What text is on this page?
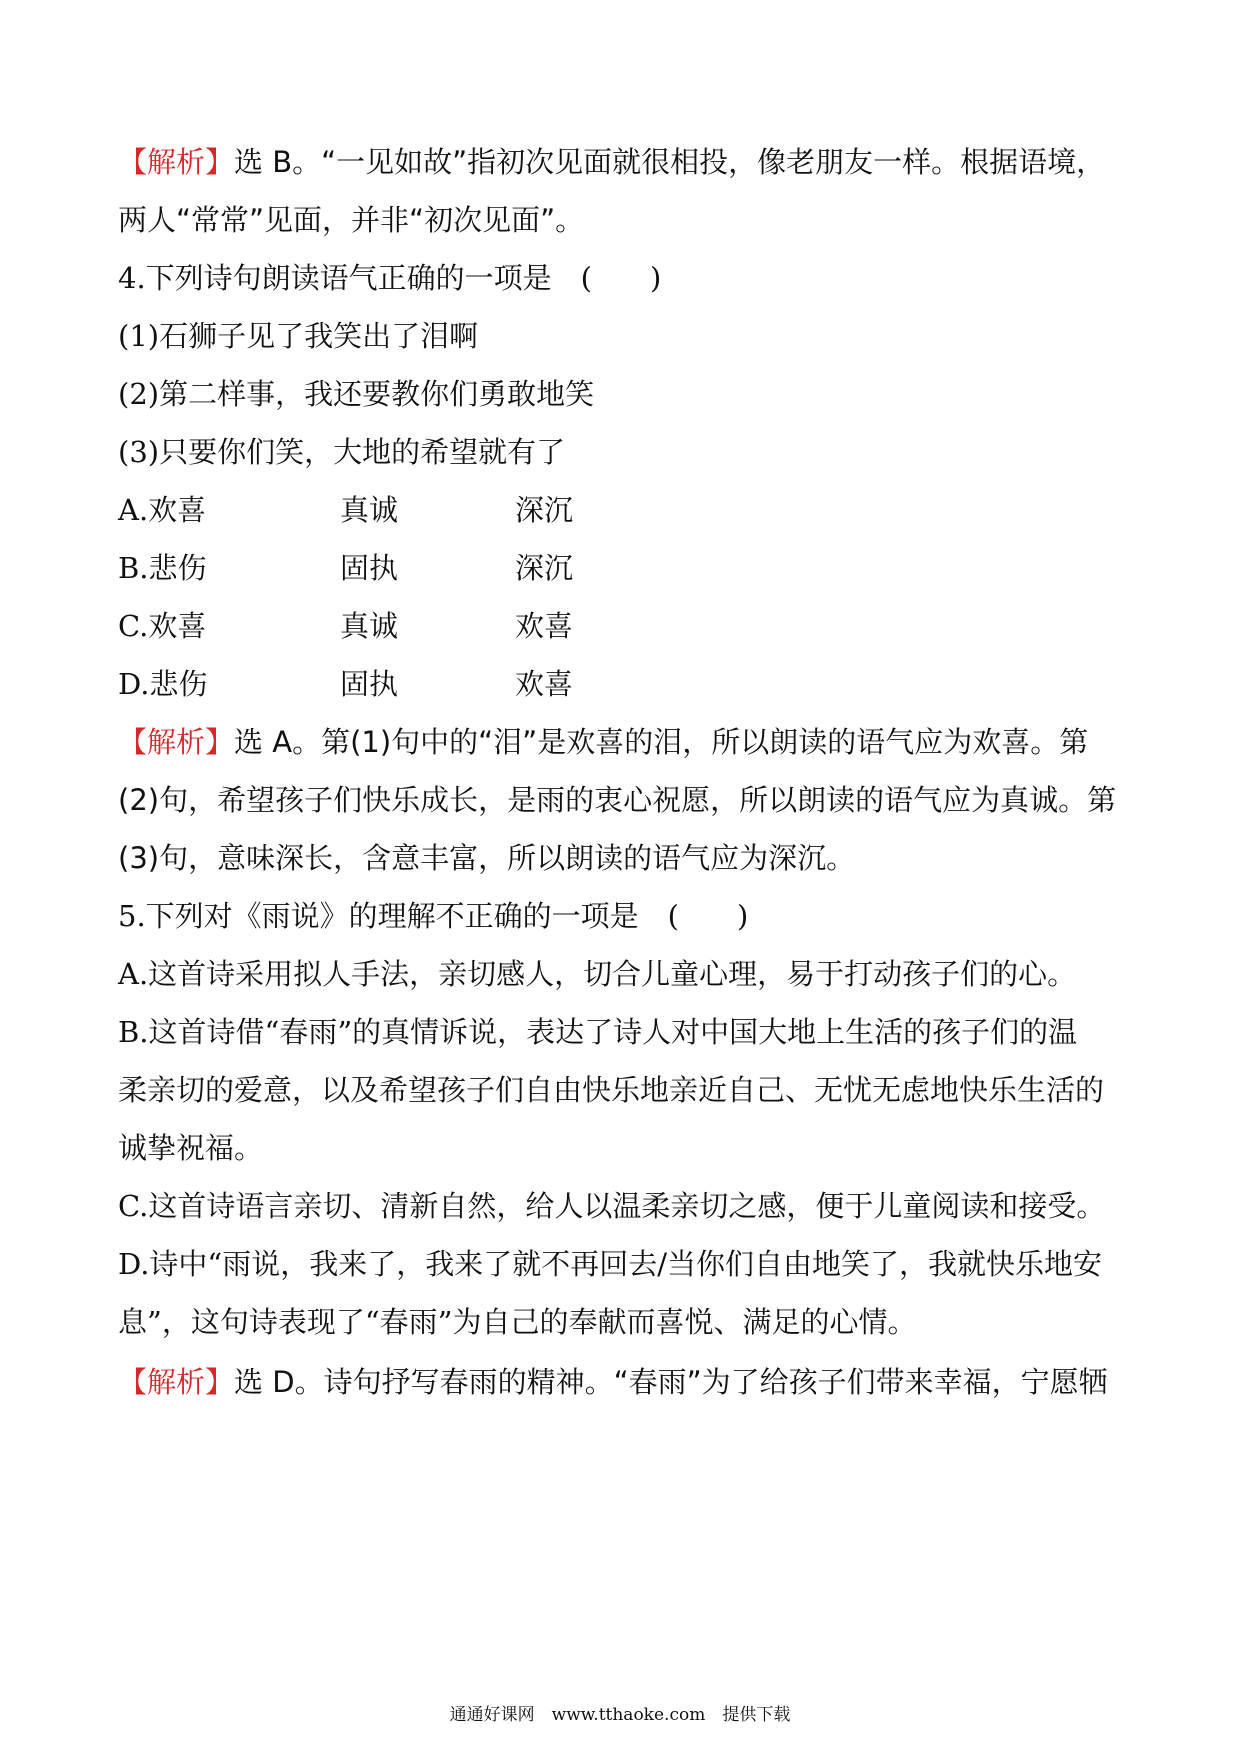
【解析】选 B。“一见如故”指初次见面就很相投，像老朋友一样。根据语境，
两人“常常”见面，并非“初次见面”。
4.下列诗句朗读语气正确的一项是　(　　)
(1)石狮子见了我笑出了泪啊
(2)第二样事，我还要教你们勇敢地笑
(3)只要你们笑，大地的希望就有了
A.欢喜	真诚	深沉
B.悲伤	固执	深沉
C.欢喜	真诚	欢喜
D.悲伤	固执	欢喜
【解析】选 A。第(1)句中的“泪”是欢喜的泪，所以朗读的语气应为欢喜。第
(2)句，希望孩子们快乐成长，是雨的衷心祝愿，所以朗读的语气应为真诚。第
(3)句，意味深长，含意丰富，所以朗读的语气应为深沉。
5.下列对《雨说》的理解不正确的一项是　(　　)
A.这首诗采用拟人手法，亲切感人，切合儿童心理，易于打动孩子们的心。
B.这首诗借“春雨”的真情诉说，表达了诗人对中国大地上生活的孩子们的温
柔亲切的爱意，以及希望孩子们自由快乐地亲近自己、无忧无虑地快乐生活的
诚挚祝福。
C.这首诗语言亲切、清新自然，给人以温柔亲切之感，便于儿童阅读和接受。
D.诗中“雨说，我来了，我来了就不再回去/当你们自由地笑了，我就快乐地安
息”，这句诗表现了“春雨”为自己的奉献而喜悦、满足的心情。
【解析】选 D。诗句抒写春雨的精神。“春雨”为了给孩子们带来幸福，宁愿牺
通通好课网　www.tthaoke.com　提供下载
